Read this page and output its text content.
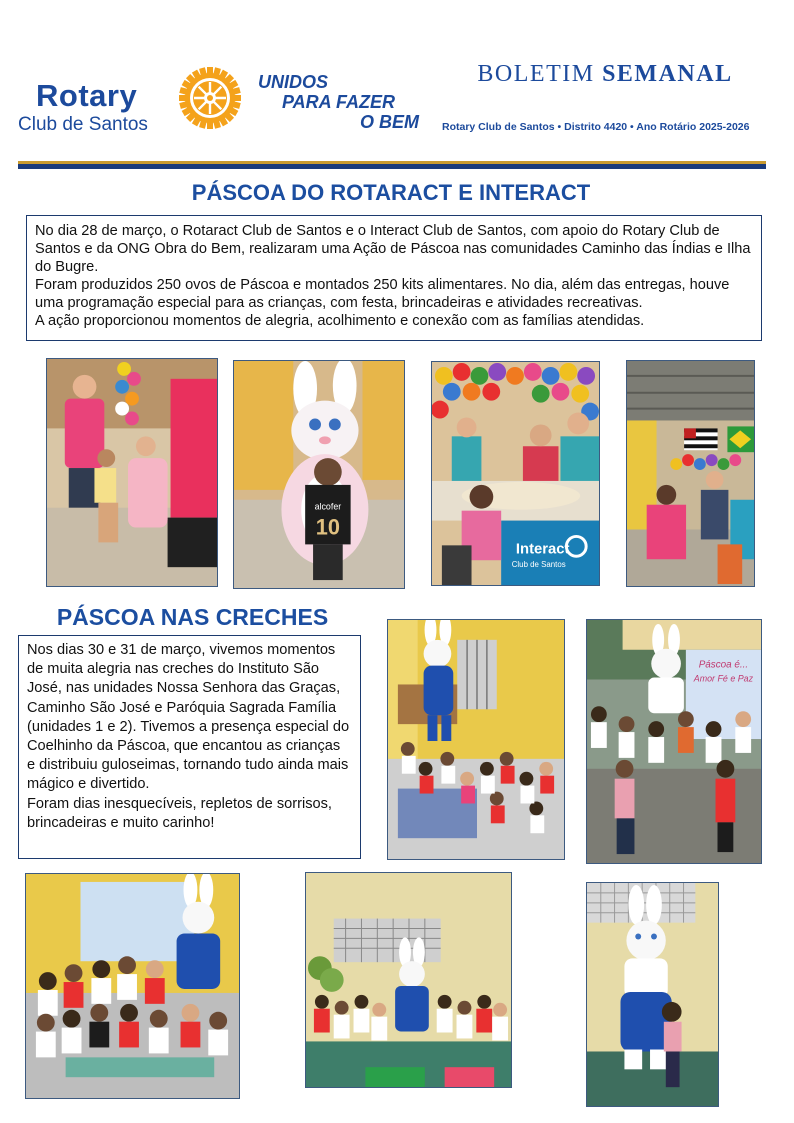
Rotary
Club de Santos
UNIDOS
PARA FAZER
O BEM
BOLETIM SEMANAL
Rotary Club de Santos • Distrito 4420 • Ano Rotário 2025-2026
PÁSCOA DO ROTARACT E INTERACT

No dia 28 de março, o Rotaract Club de Santos e o Interact Club de Santos, com apoio do Rotary Club de Santos e da ONG Obra do Bem, realizaram uma Ação de Páscoa nas comunidades Caminho das Índias e Ilha do Bugre.

Foram produzidos 250 ovos de Páscoa e montados 250 kits alimentares. No dia, além das entregas, houve uma programação especial para as crianças, com festa, brincadeiras e atividades recreativas.

A ação proporcionou momentos de alegria, acolhimento e conexão com as famílias atendidas.

alcofer
10
Interact
Club de Santos
PÁSCOA NAS CRECHES

Nos dias 30 e 31 de março, vivemos momentos de muita alegria nas creches do Instituto São José, nas unidades Nossa Senhora das Graças, Caminho São José e Paróquia Sagrada Família (unidades 1 e 2). Tivemos a presença especial do Coelhinho da Páscoa, que encantou as crianças e distribuiu guloseimas, tornando tudo ainda mais mágico e divertido.

Foram dias inesquecíveis, repletos de sorrisos, brincadeiras e muito carinho!

Páscoa é...
Amor Fé e Paz
